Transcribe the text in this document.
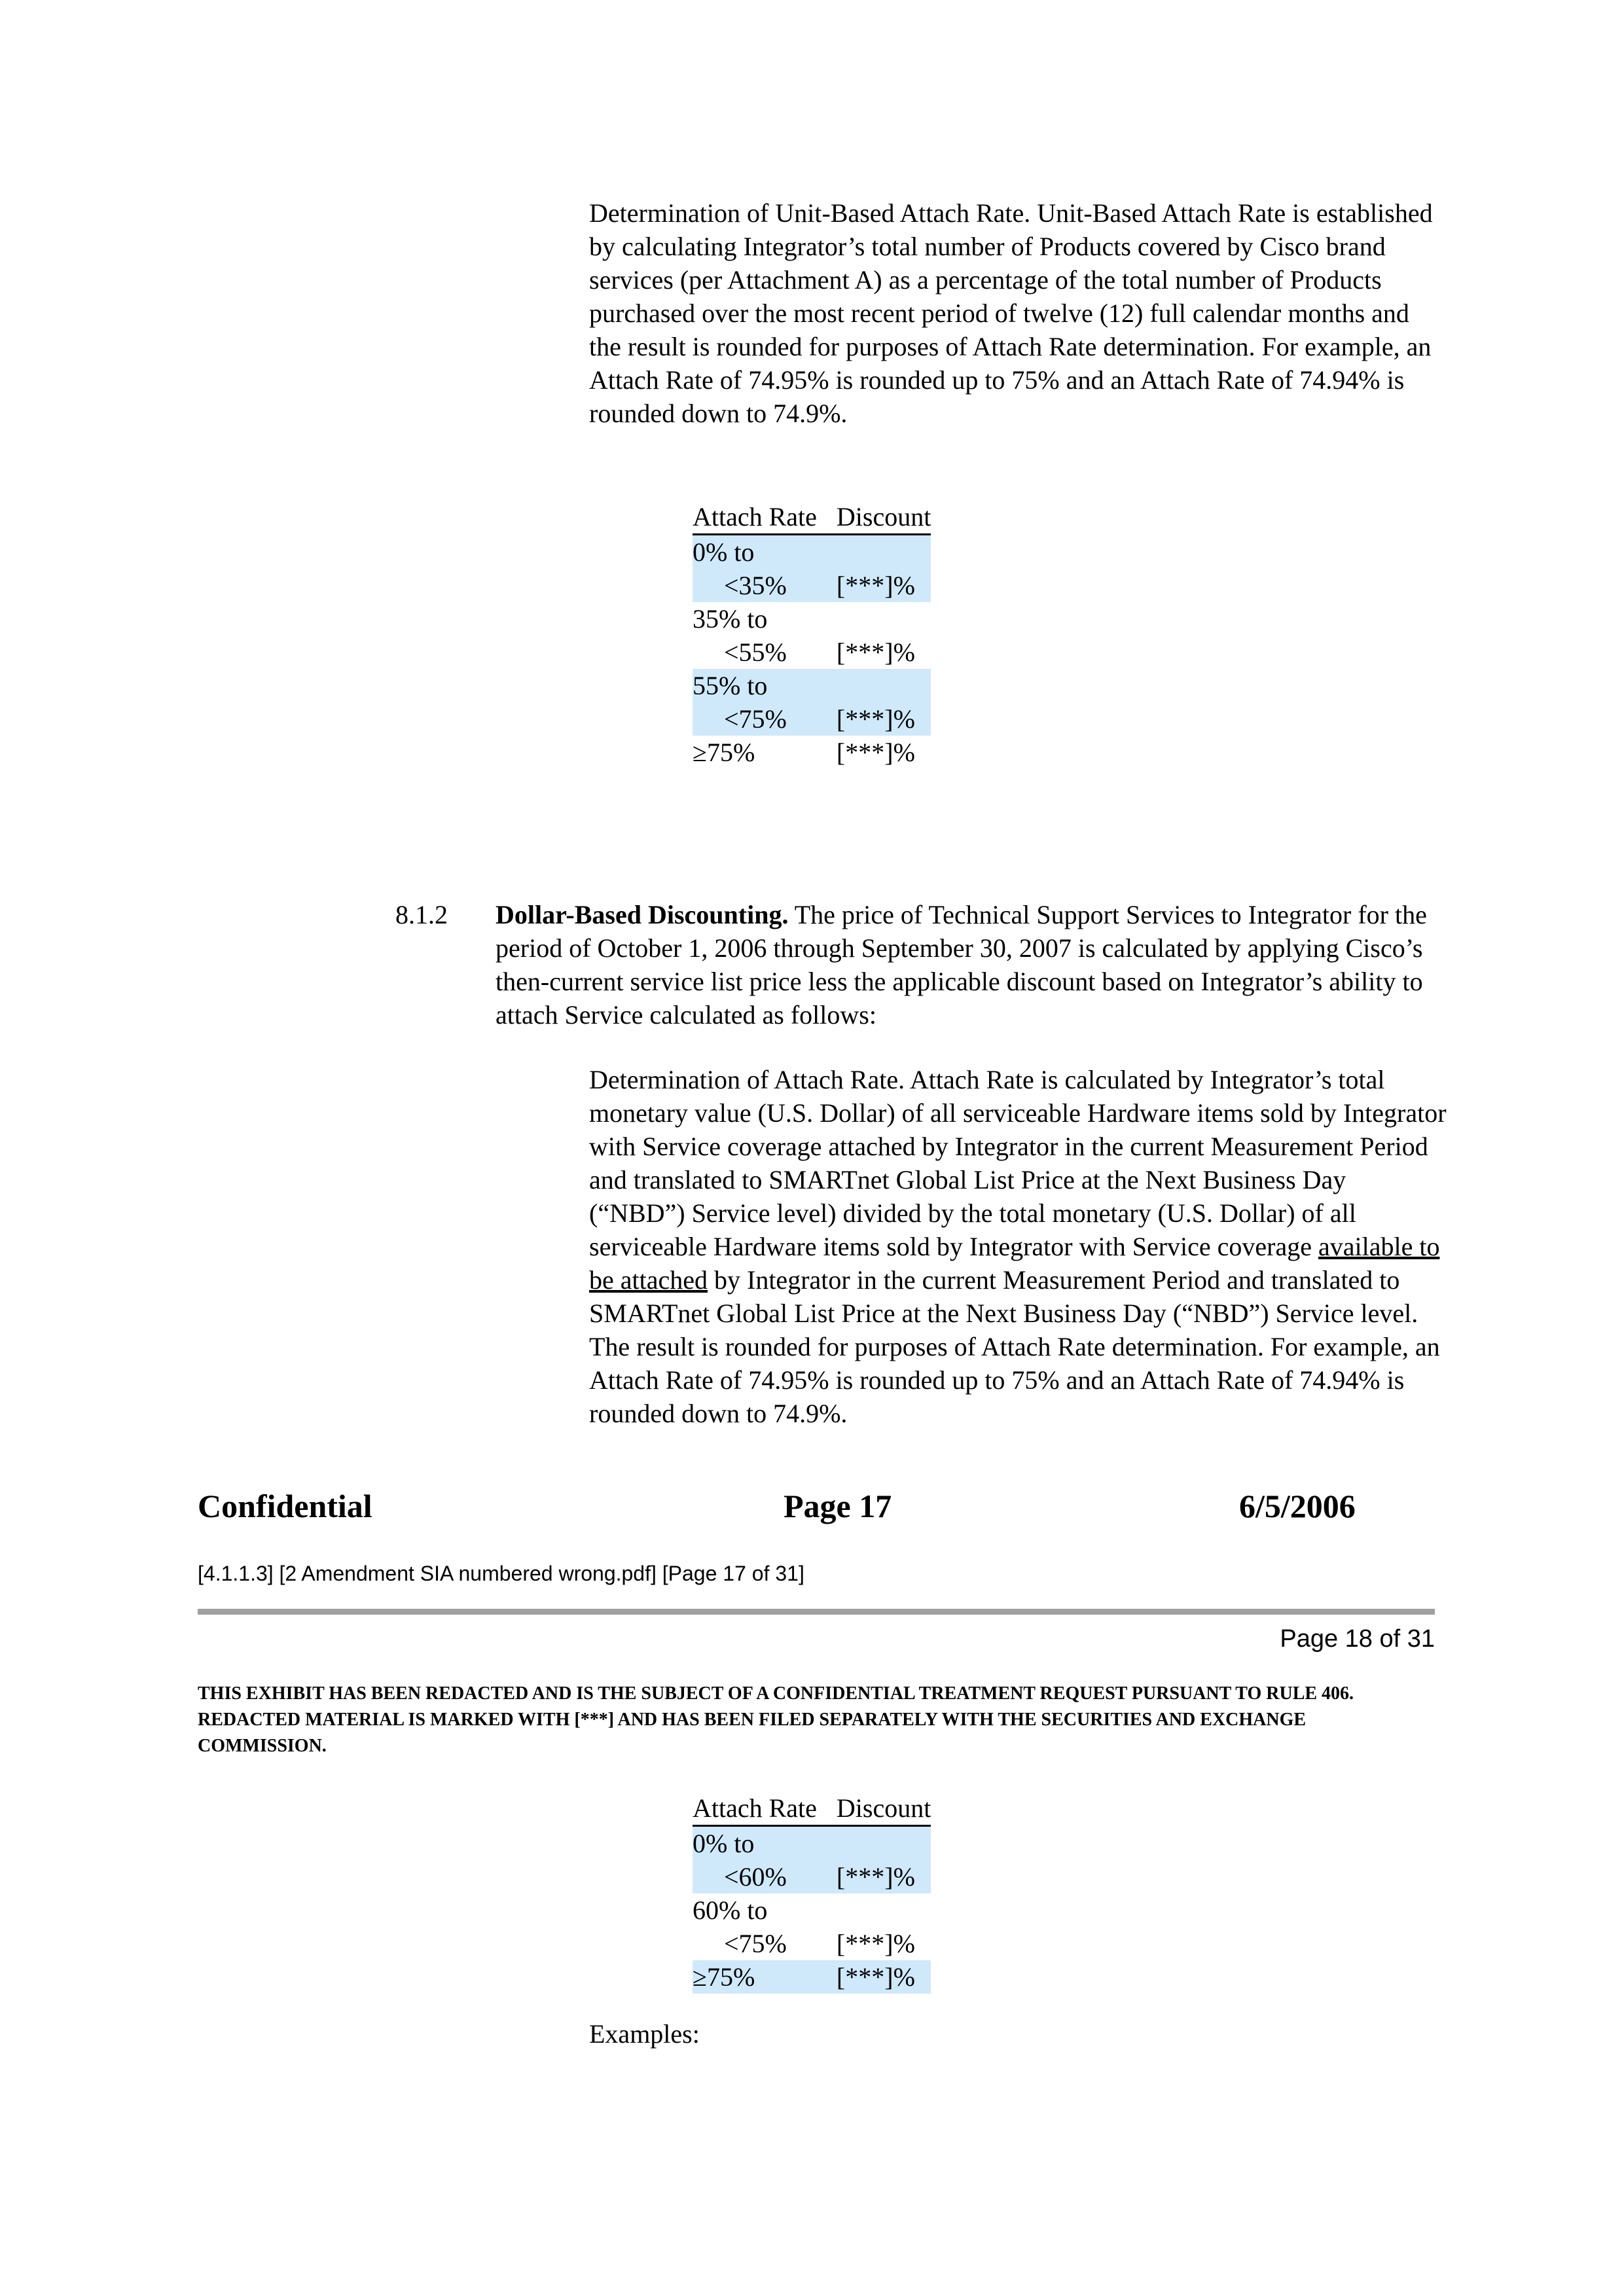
Determination of Unit-Based Attach Rate. Unit-Based Attach Rate is established by calculating Integrator’s total number of Products covered by Cisco brand services (per Attachment A) as a percentage of the total number of Products purchased over the most recent period of twelve (12) full calendar months and the result is rounded for purposes of Attach Rate determination. For example, an Attach Rate of 74.95% is rounded up to 75% and an Attach Rate of 74.94% is rounded down to 74.9%.

Attach Rate	Discount

0% to
<35%	[***]%

35% to
<55%	[***]%

55% to
<75%	[***]%
≥75%	[***]%
8.1.2 Dollar-Based Discounting. The price of Technical Support Services to Integrator for the period of October 1, 2006 through September 30, 2007 is calculated by applying Cisco’s then-current service list price less the applicable discount based on Integrator’s ability to attach Service calculated as follows:

Determination of Attach Rate. Attach Rate is calculated by Integrator’s total monetary value (U.S. Dollar) of all serviceable Hardware items sold by Integrator with Service coverage attached by Integrator in the current Measurement Period and translated to SMARTnet Global List Price at the Next Business Day (“NBD”) Service level) divided by the total monetary (U.S. Dollar) of all serviceable Hardware items sold by Integrator with Service coverage available to be attached by Integrator in the current Measurement Period and translated to SMARTnet Global List Price at the Next Business Day (“NBD”) Service level. The result is rounded for purposes of Attach Rate determination. For example, an Attach Rate of 74.95% is rounded up to 75% and an Attach Rate of 74.94% is rounded down to 74.9%.

Confidential	Page 17	6/5/2006
[4.1.1.3] [2 Amendment SIA numbered wrong.pdf] [Page 17 of 31]
Page 18 of 31
THIS EXHIBIT HAS BEEN REDACTED AND IS THE SUBJECT OF A CONFIDENTIAL TREATMENT REQUEST PURSUANT TO RULE 406. REDACTED MATERIAL IS MARKED WITH [***] AND HAS BEEN FILED SEPARATELY WITH THE SECURITIES AND EXCHANGE COMMISSION.
Attach Rate	Discount

0% to
<60%	[***]%

60% to
<75%	[***]%
≥75%	[***]%
Examples:
